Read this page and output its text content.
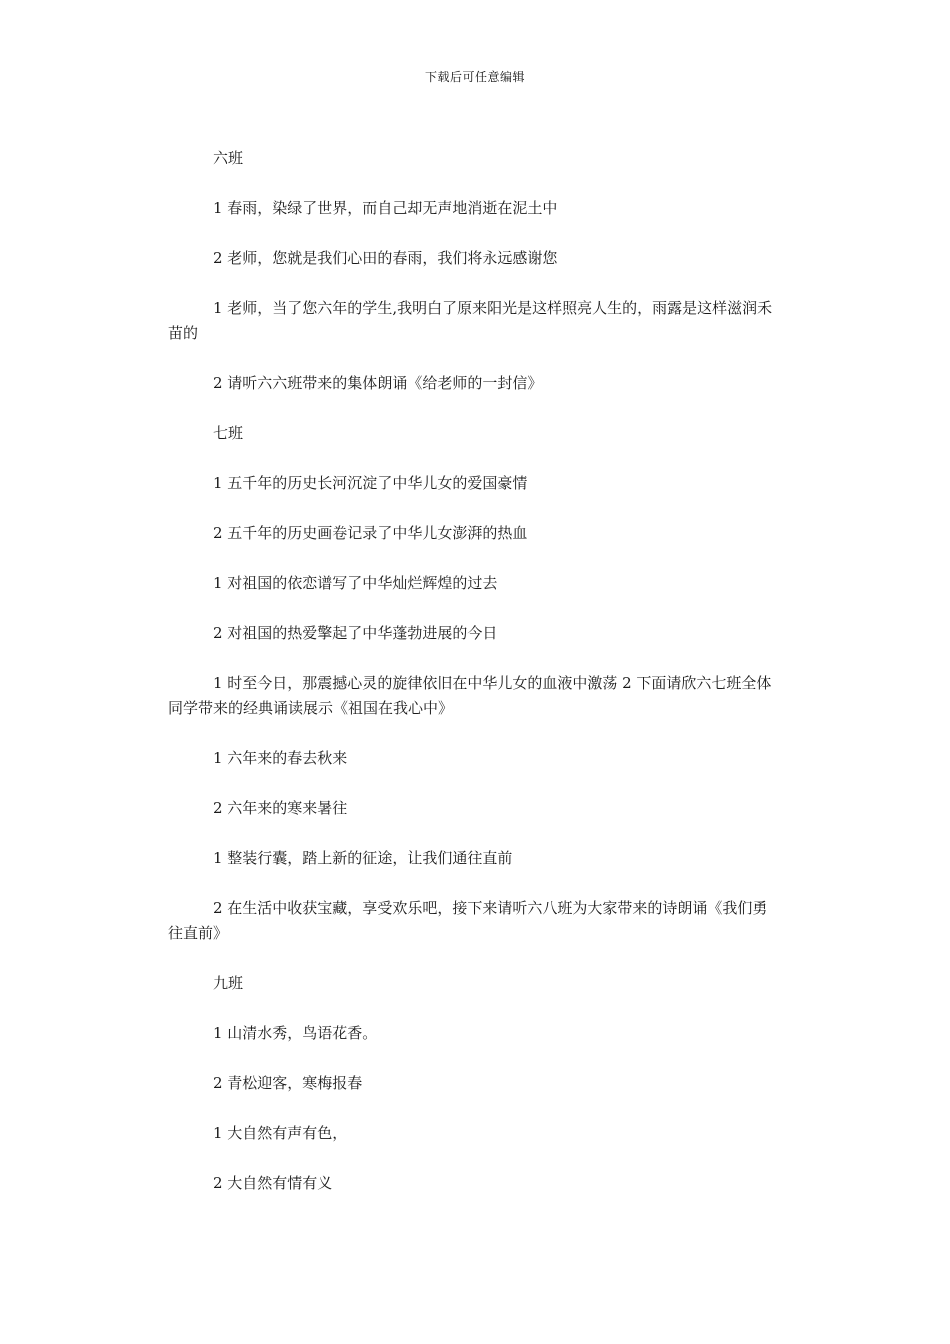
下载后可任意编辑

六班

1 春雨，染绿了世界，而自己却无声地消逝在泥土中

2 老师，您就是我们心田的春雨，我们将永远感谢您

1 老师，当了您六年的学生,我明白了原来阳光是这样照亮人生的，雨露是这样滋润禾苗的

2 请听六六班带来的集体朗诵《给老师的一封信》

七班

1 五千年的历史长河沉淀了中华儿女的爱国豪情

2 五千年的历史画卷记录了中华儿女澎湃的热血

1 对祖国的依恋谱写了中华灿烂辉煌的过去

2 对祖国的热爱擎起了中华蓬勃进展的今日

1 时至今日，那震撼心灵的旋律依旧在中华儿女的血液中激荡 2 下面请欣六七班全体同学带来的经典诵读展示《祖国在我心中》

1 六年来的春去秋来

2 六年来的寒来暑往

1 整装行囊，踏上新的征途，让我们通往直前

2 在生活中收获宝藏，享受欢乐吧，接下来请听六八班为大家带来的诗朗诵《我们勇往直前》

九班

1 山清水秀，鸟语花香。

2 青松迎客，寒梅报春

1 大自然有声有色，

2 大自然有情有义
